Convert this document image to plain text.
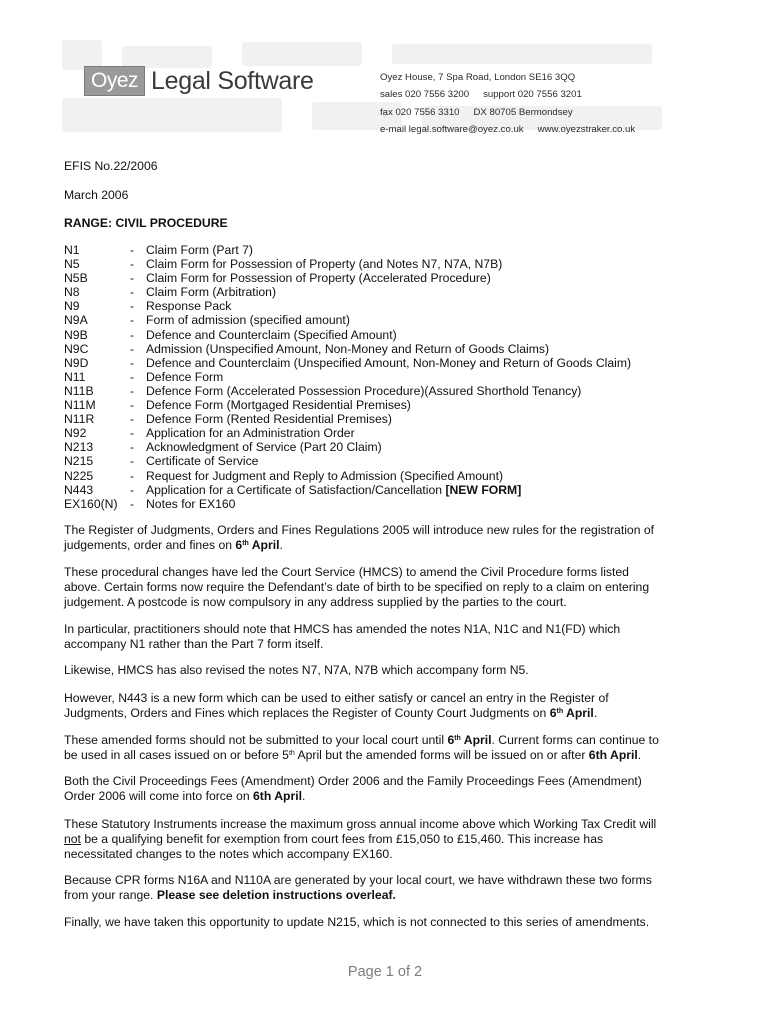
Oyez Legal Software	Oyez House, 7 Spa Road, London SE16 3QQ
sales 020 7556 3200 support 020 7556 3201
fax 020 7556 3310 DX 80705 Bermondsey
e-mail legal.software@oyez.co.uk www.oyezstraker.co.uk
EFIS No.22/2006
March 2006
RANGE: CIVIL PROCEDURE
N1	- Claim Form (Part 7)
N5	- Claim Form for Possession of Property (and Notes N7, N7A, N7B)
N5B	- Claim Form for Possession of Property (Accelerated Procedure)
N8	- Claim Form (Arbitration)
N9	- Response Pack
N9A	- Form of admission (specified amount)
N9B	- Defence and Counterclaim (Specified Amount)
N9C	- Admission (Unspecified Amount, Non-Money and Return of Goods Claims)
N9D	- Defence and Counterclaim (Unspecified Amount, Non-Money and Return of Goods Claim)
N11	- Defence Form
N11B	- Defence Form (Accelerated Possession Procedure)(Assured Shorthold Tenancy)
N11M	- Defence Form (Mortgaged Residential Premises)
N11R	- Defence Form (Rented Residential Premises)
N92	- Application for an Administration Order
N213	- Acknowledgment of Service (Part 20 Claim)
N215	- Certificate of Service
N225	- Request for Judgment and Reply to Admission (Specified Amount)
N443	- Application for a Certificate of Satisfaction/Cancellation [NEW FORM]
EX160(N)	- Notes for EX160

The Register of Judgments, Orders and Fines Regulations 2005 will introduce new rules for the registration of

judgements, order and fines on 6th April.

These procedural changes have led the Court Service (HMCS) to amend the Civil Procedure forms listed

above. Certain forms now require the Defendant’s date of birth to be specified on reply to a claim on entering

judgement. A postcode is now compulsory in any address supplied by the parties to the court.

In particular, practitioners should note that HMCS has amended the notes N1A, N1C and N1(FD) which

accompany N1 rather than the Part 7 form itself.

Likewise, HMCS has also revised the notes N7, N7A, N7B which accompany form N5.

However, N443 is a new form which can be used to either satisfy or cancel an entry in the Register of

Judgments, Orders and Fines which replaces the Register of County Court Judgments on 6th April.

These amended forms should not be submitted to your local court until 6th April. Current forms can continue to

be used in all cases issued on or before 5th April but the amended forms will be issued on or after 6th April.

Both the Civil Proceedings Fees (Amendment) Order 2006 and the Family Proceedings Fees (Amendment)

Order 2006 will come into force on 6th April.

These Statutory Instruments increase the maximum gross annual income above which Working Tax Credit will

not be a qualifying benefit for exemption from court fees from £15,050 to £15,460. This increase has

necessitated changes to the notes which accompany EX160.

Because CPR forms N16A and N110A are generated by your local court, we have withdrawn these two forms

from your range. Please see deletion instructions overleaf.

Finally, we have taken this opportunity to update N215, which is not connected to this series of amendments.

Page 1 of 2
